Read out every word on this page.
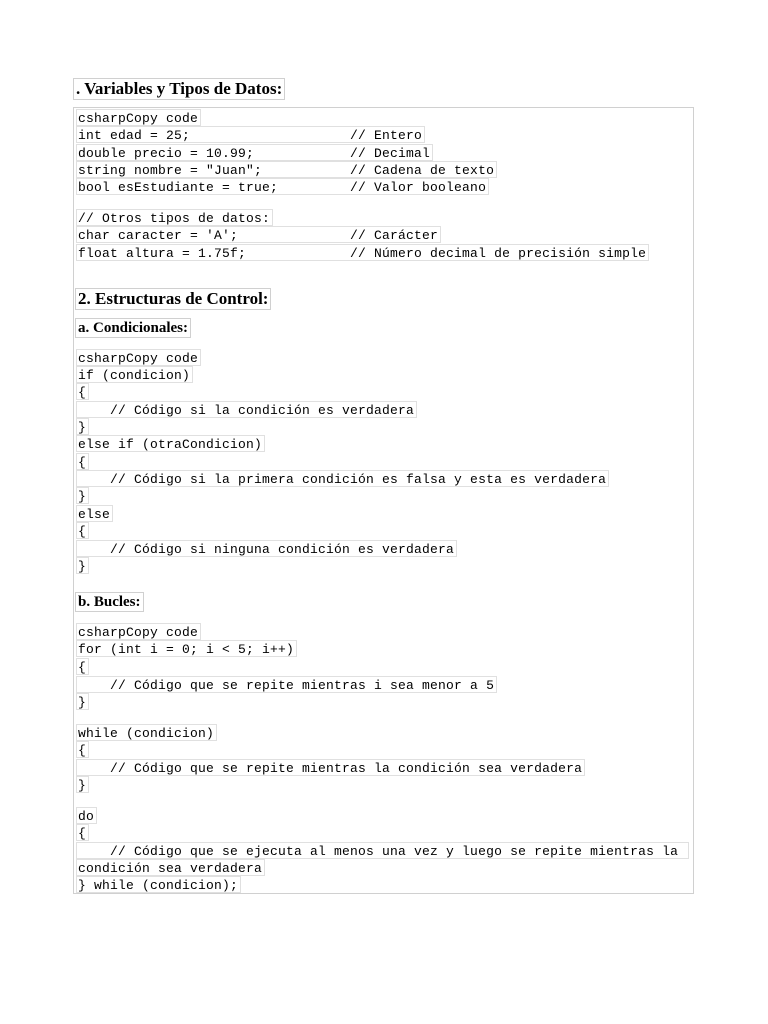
. Variables y Tipos de Datos:
csharpCopy code
int edad = 25;                    // Entero
double precio = 10.99;            // Decimal
string nombre = "Juan";           // Cadena de texto
bool esEstudiante = true;         // Valor booleano
// Otros tipos de datos:
char caracter = 'A';              // Carácter
float altura = 1.75f;             // Número decimal de precisión simple
2. Estructuras de Control:
a. Condicionales:
csharpCopy code
if (condicion)
{
// Código si la condición es verdadera
}
else if (otraCondicion)
{
// Código si la primera condición es falsa y esta es verdadera
}
else
{
// Código si ninguna condición es verdadera
}
b. Bucles:
csharpCopy code
for (int i = 0; i < 5; i++)
{
// Código que se repite mientras i sea menor a 5
}
while (condicion)
{
// Código que se repite mientras la condición sea verdadera
}
do
{
// Código que se ejecuta al menos una vez y luego se repite mientras la
condición sea verdadera
} while (condicion);
